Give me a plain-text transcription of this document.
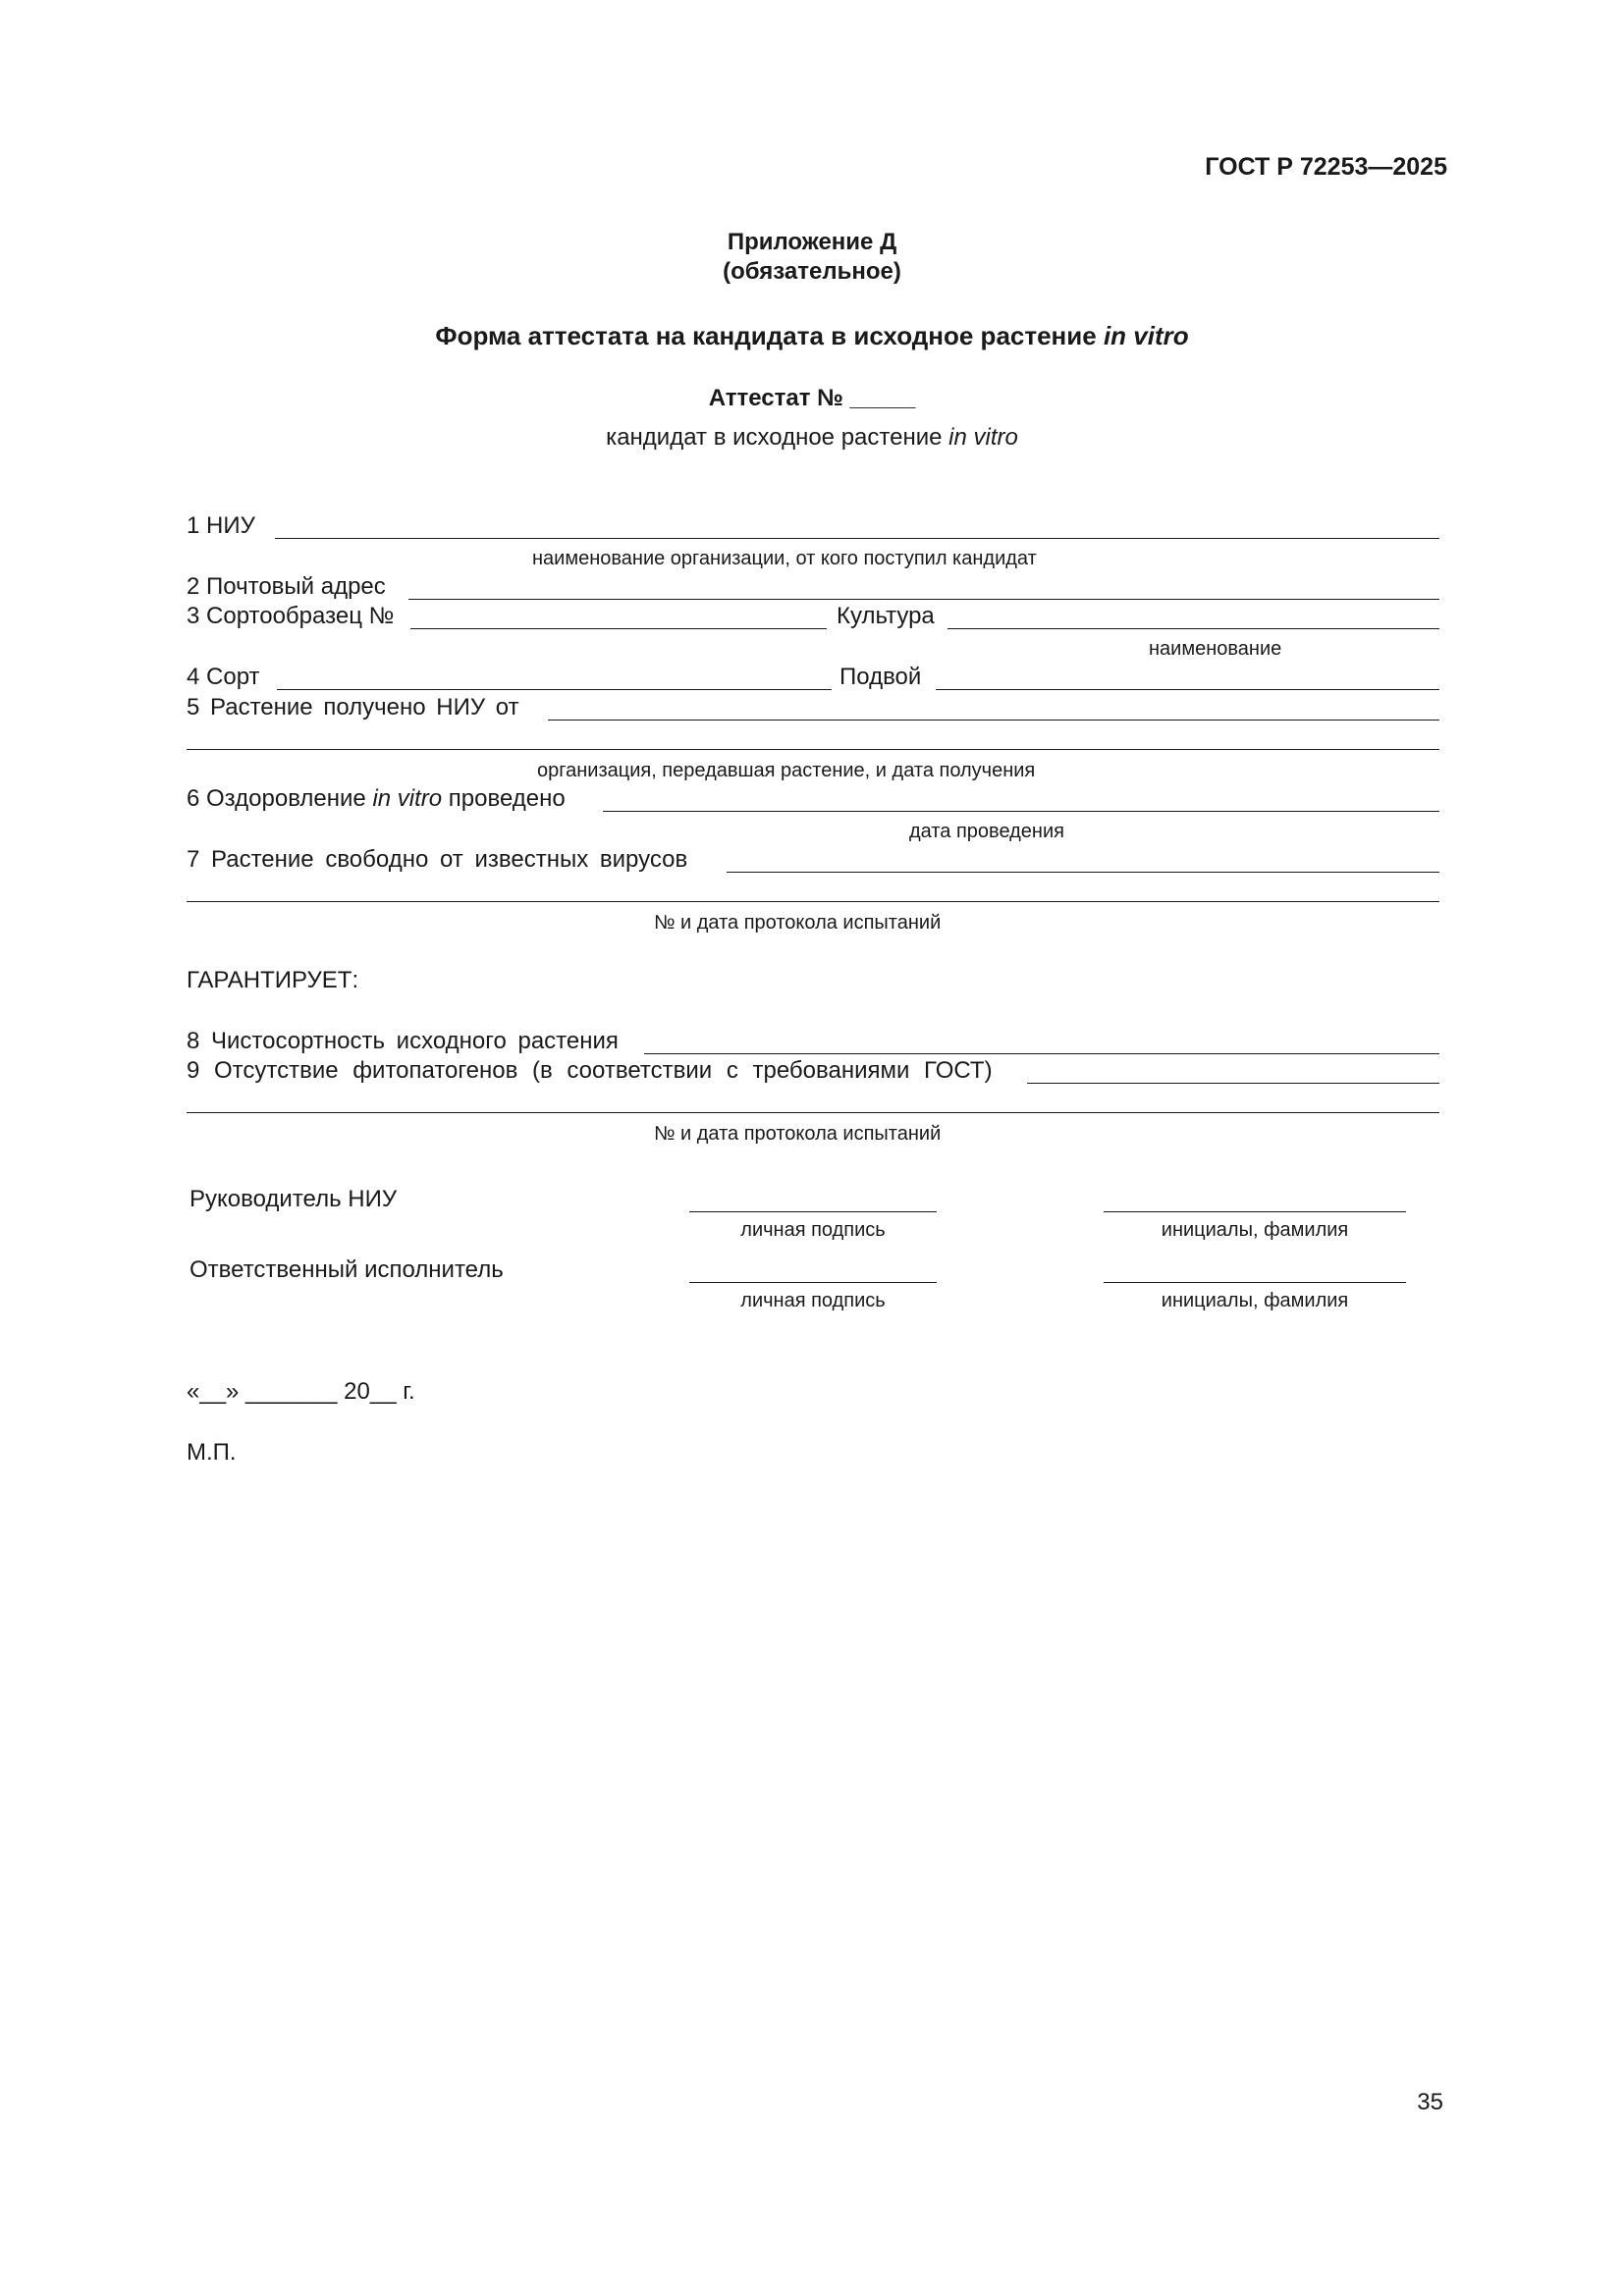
ГОСТ Р 72253—2025
Приложение Д
(обязательное)
Форма аттестата на кандидата в исходное растение in vitro
Аттестат № _____
кандидат в исходное растение in vitro
1 НИУ
наименование организации, от кого поступил кандидат
2 Почтовый адрес
3 Сортообразец №	Культура
наименование
4 Сорт	Подвой
5 Растение получено НИУ от
организация, передавшая растение, и дата получения
6 Оздоровление in vitro проведено
дата проведения
7 Растение свободно от известных вирусов
№ и дата протокола испытаний
ГАРАНТИРУЕТ:
8 Чистосортность исходного растения
9 Отсутствие фитопатогенов (в соответствии с требованиями ГОСТ)
№ и дата протокола испытаний
Руководитель НИУ
личная подпись	инициалы, фамилия
Ответственный исполнитель
личная подпись	инициалы, фамилия
«__» _______ 20__ г.
М.П.
35
